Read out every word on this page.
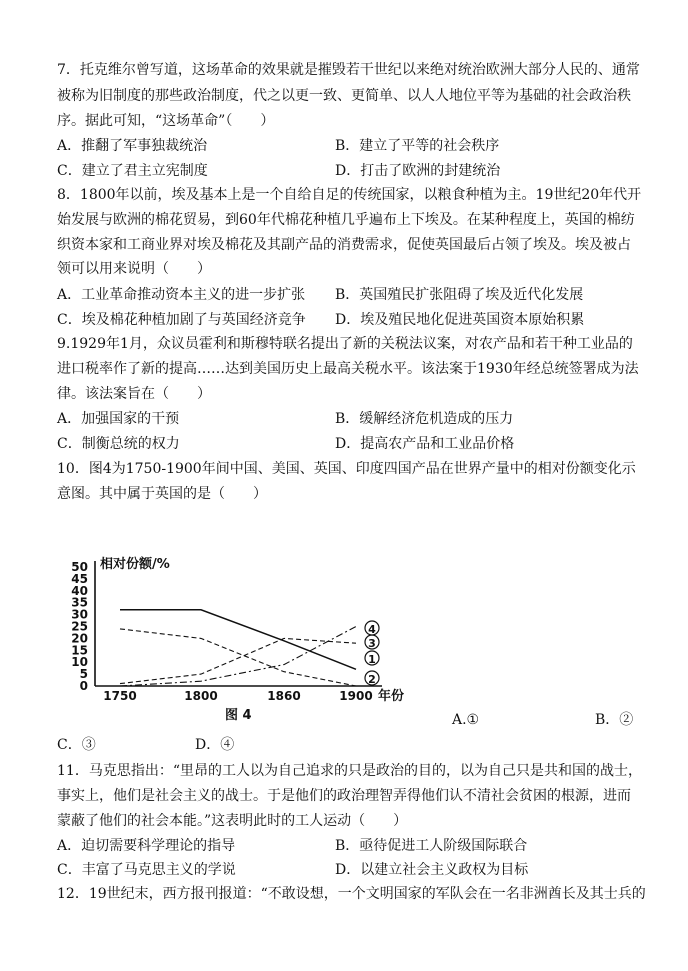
7．托克维尔曾写道，这场革命的效果就是摧毁若干世纪以来绝对统治欧洲大部分人民的、通常
被称为旧制度的那些政治制度，代之以更一致、更简单、以人人地位平等为基础的社会政治秩
序。据此可知，“这场革命”（　　）
A．推翻了军事独裁统治	B．建立了平等的社会秩序
C．建立了君主立宪制度	D．打击了欧洲的封建统治
8．1800年以前，埃及基本上是一个自给自足的传统国家，以粮食种植为主。19世纪20年代开
始发展与欧洲的棉花贸易，到60年代棉花种植几乎遍布上下埃及。在某种程度上，英国的棉纺
织资本家和工商业界对埃及棉花及其副产品的消费需求，促使英国最后占领了埃及。埃及被占
领可以用来说明（　　）
A．工业革命推动资本主义的进一步扩张 B．英国殖民扩张阻碍了埃及近代化发展
C．埃及棉花种植加剧了与英国经济竞争 D．埃及殖民地化促进英国资本原始积累
9.1929年1月，众议员霍利和斯穆特联名提出了新的关税法议案，对农产品和若干种工业品的
进口税率作了新的提高……达到美国历史上最高关税水平。该法案于1930年经总统签署成为法
律。该法案旨在（　　）
A．加强国家的干预	B．缓解经济危机造成的压力
C．制衡总统的权力	D．提高农产品和工业品价格
10．图4为1750-1900年间中国、美国、英国、印度四国产品在世界产量中的相对份额变化示
意图。其中属于英国的是（　　）
0
5
10
15
20
25
30
35
40
45
50 相对份额/%
1750	1800	1860	1900 年份
图 4
1
2
3
4
A.①	B．②
C．③	D．④
11．马克思指出：“里昂的工人以为自己追求的只是政治的目的，以为自己只是共和国的战士，
事实上，他们是社会主义的战士。于是他们的政治理智弄得他们认不清社会贫困的根源，进而
蒙蔽了他们的社会本能。”这表明此时的工人运动（　　）
A．迫切需要科学理论的指导	B．亟待促进工人阶级国际联合
C．丰富了马克思主义的学说	D．以建立社会主义政权为目标
12．19世纪末，西方报刊报道：“不敢设想，一个文明国家的军队会在一名非洲酋长及其士兵的
